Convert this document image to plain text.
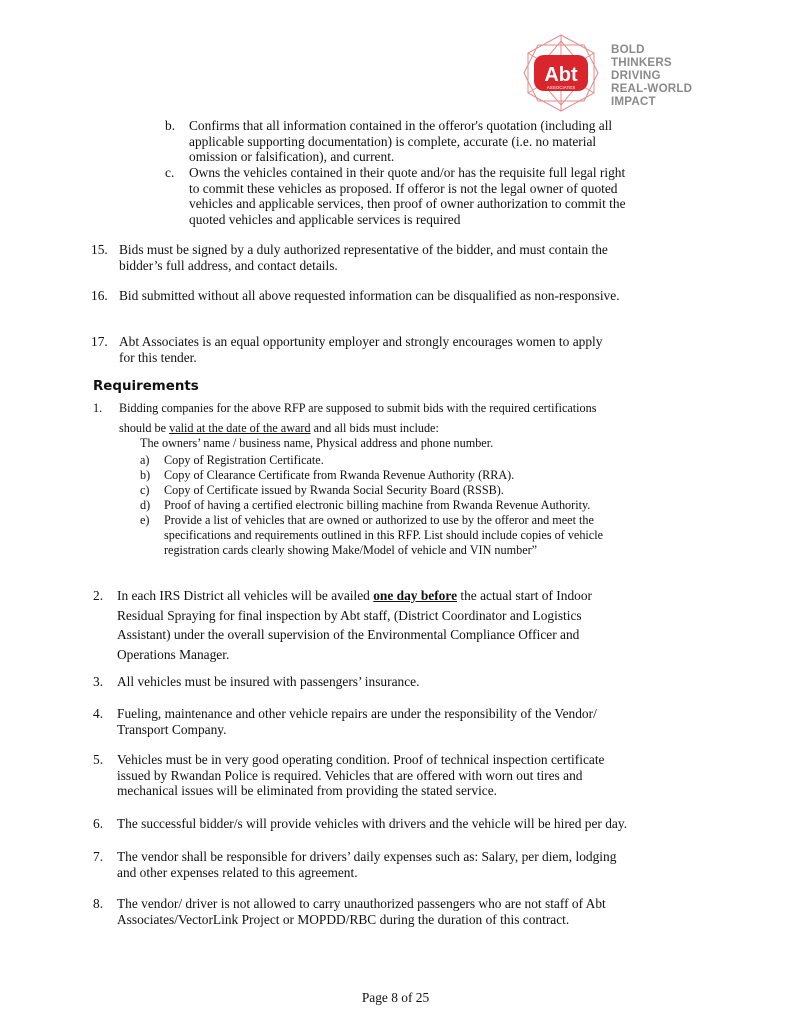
Abt
ASSOCIATES
BOLD
THINKERS
DRIVING
REAL-WORLD
IMPACT
b.	Confirms that all information contained in the offeror's quotation (including all
applicable supporting documentation) is complete, accurate (i.e. no material
omission or falsification), and current.
c.	Owns the vehicles contained in their quote and/or has the requisite full legal right
to commit these vehicles as proposed. If offeror is not the legal owner of quoted
vehicles and applicable services, then proof of owner authorization to commit the
quoted vehicles and applicable services is required
15. Bids must be signed by a duly authorized representative of the bidder, and must contain the
bidder’s full address, and contact details.
16. Bid submitted without all above requested information can be disqualified as non-responsive.
17. Abt Associates is an equal opportunity employer and strongly encourages women to apply
for this tender.
Requirements
1.	Bidding companies for the above RFP are supposed to submit bids with the required certifications
should be valid at the date of the award and all bids must include:
The owners’ name / business name, Physical address and phone number.
a)	Copy of Registration Certificate.
b)	Copy of Clearance Certificate from Rwanda Revenue Authority (RRA).
c)	Copy of Certificate issued by Rwanda Social Security Board (RSSB).
d)	Proof of having a certified electronic billing machine from Rwanda Revenue Authority.
e)	Provide a list of vehicles that are owned or authorized to use by the offeror and meet the
specifications and requirements outlined in this RFP. List should include copies of vehicle
registration cards clearly showing Make/Model of vehicle and VIN number”
2.	In each IRS District all vehicles will be availed one day before the actual start of Indoor
Residual Spraying for final inspection by Abt staff, (District Coordinator and Logistics
Assistant) under the overall supervision of the Environmental Compliance Officer and
Operations Manager.
3.	All vehicles must be insured with passengers’ insurance.
4.	Fueling, maintenance and other vehicle repairs are under the responsibility of the Vendor/
Transport Company.
5.	Vehicles must be in very good operating condition. Proof of technical inspection certificate
issued by Rwandan Police is required. Vehicles that are offered with worn out tires and
mechanical issues will be eliminated from providing the stated service.
6.	The successful bidder/s will provide vehicles with drivers and the vehicle will be hired per day.
7.	The vendor shall be responsible for drivers’ daily expenses such as: Salary, per diem, lodging
and other expenses related to this agreement.
8.	The vendor/ driver is not allowed to carry unauthorized passengers who are not staff of Abt
Associates/VectorLink Project or MOPDD/RBC during the duration of this contract.
Page 8 of 25
